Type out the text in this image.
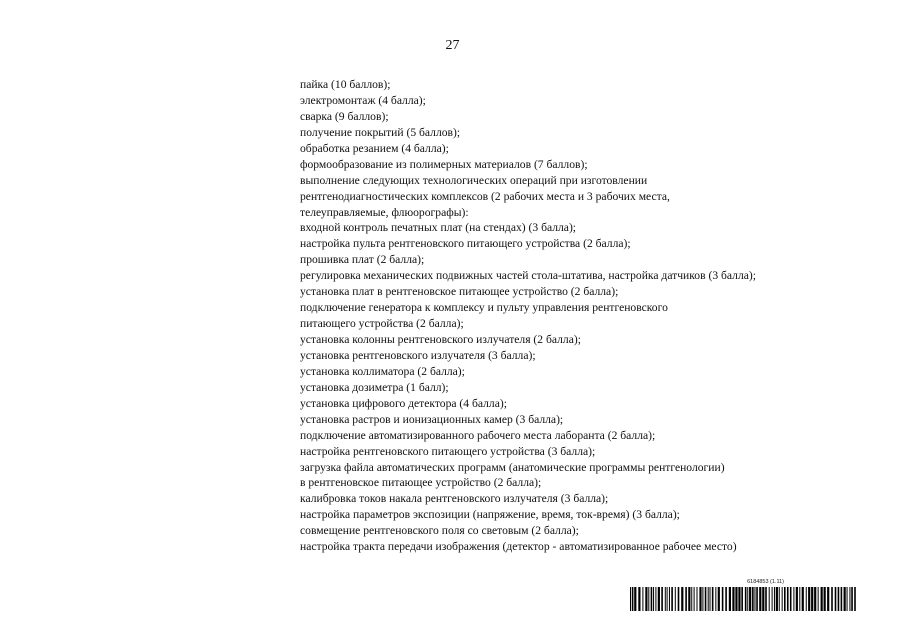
27
пайка (10 баллов);
электромонтаж (4 балла);
сварка (9 баллов);
получение покрытий (5 баллов);
обработка резанием (4 балла);
формообразование из полимерных материалов (7 баллов);
выполнение следующих технологических операций при изготовлении
рентгенодиагностических комплексов (2 рабочих места и 3 рабочих места,
телеуправляемые, флюорографы):
входной контроль печатных плат (на стендах) (3 балла);
настройка пульта рентгеновского питающего устройства (2 балла);
прошивка плат (2 балла);
регулировка механических подвижных частей стола-штатива, настройка датчиков (3 балла);
установка плат в рентгеновское питающее устройство (2 балла);
подключение генератора к комплексу и пульту управления рентгеновского
питающего устройства (2 балла);
установка колонны рентгеновского излучателя (2 балла);
установка рентгеновского излучателя (3 балла);
установка коллиматора (2 балла);
установка дозиметра (1 балл);
установка цифрового детектора (4 балла);
установка растров и ионизационных камер (3 балла);
подключение автоматизированного рабочего места лаборанта (2 балла);
настройка рентгеновского питающего устройства (3 балла);
загрузка файла автоматических программ (анатомические программы рентгенологии)
в рентгеновское питающее устройство (2 балла);
калибровка токов накала рентгеновского излучателя (3 балла);
настройка параметров экспозиции (напряжение, время, ток-время) (3 балла);
совмещение рентгеновского поля со световым (2 балла);
настройка тракта передачи изображения (детектор - автоматизированное рабочее место)
6184853 (1.11)
